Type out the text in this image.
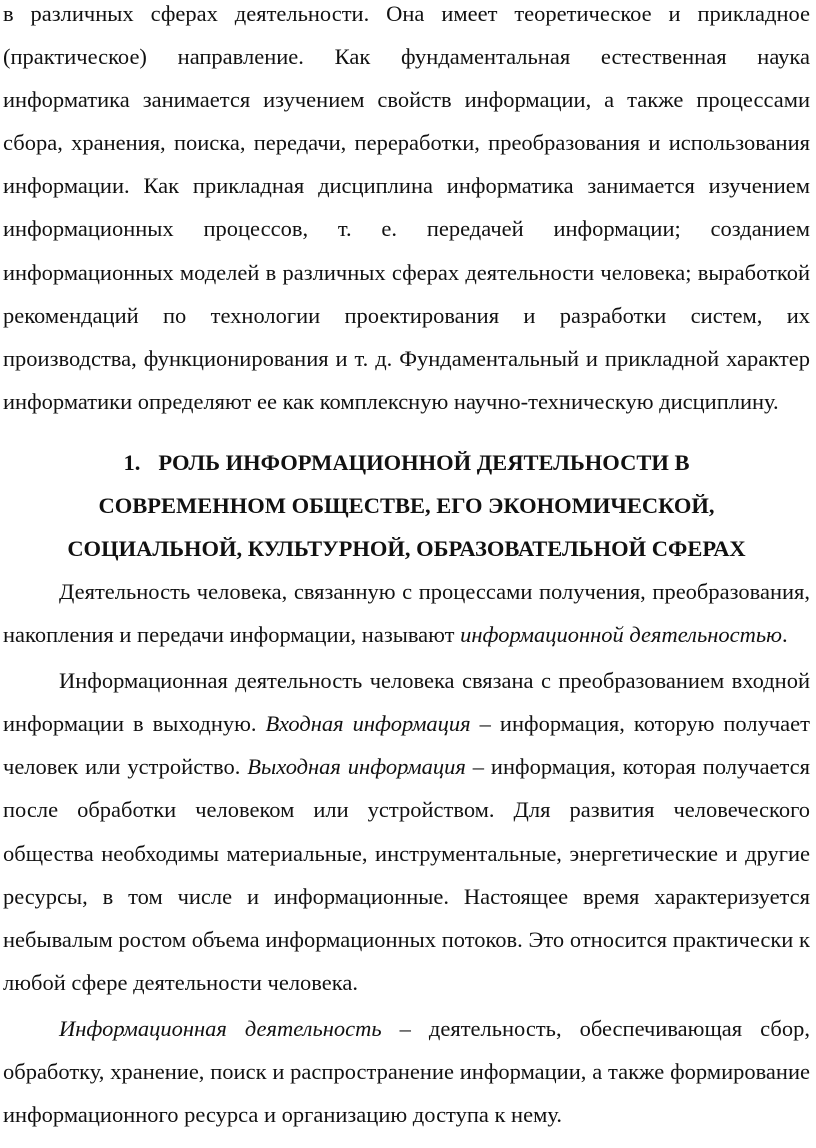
в различных сферах деятельности. Она имеет теоретическое и прикладное (практическое) направление. Как фундаментальная естественная наука информатика занимается изучением свойств информации, а также процессами сбора, хранения, поиска, передачи, переработки, преобразования и использования информации. Как прикладная дисциплина информатика занимается изучением информационных процессов, т. е. передачей информации; созданием информационных моделей в различных сферах деятельности человека; выработкой рекомендаций по технологии проектирования и разработки систем, их производства, функционирования и т. д. Фундаментальный и прикладной характер информатики определяют ее как комплексную научно-техническую дисциплину.

1. РОЛЬ ИНФОРМАЦИОННОЙ ДЕЯТЕЛЬНОСТИ В
СОВРЕМЕННОМ ОБЩЕСТВЕ, ЕГО ЭКОНОМИЧЕСКОЙ,
СОЦИАЛЬНОЙ, КУЛЬТУРНОЙ, ОБРАЗОВАТЕЛЬНОЙ СФЕРАХ

Деятельность человека, связанную с процессами получения, преобразования, накопления и передачи информации, называют информационной деятельностью.

Информационная деятельность человека связана с преобразованием входной информации в выходную. Входная информация – информация, которую получает человек или устройство. Выходная информация – информация, которая получается после обработки человеком или устройством. Для развития человеческого общества необходимы материальные, инструментальные, энергетические и другие ресурсы, в том числе и информационные. Настоящее время характеризуется небывалым ростом объема информационных потоков. Это относится практически к любой сфере деятельности человека.

Информационная деятельность – деятельность, обеспечивающая сбор, обработку, хранение, поиск и распространение информации, а также формирование информационного ресурса и организацию доступа к нему.
